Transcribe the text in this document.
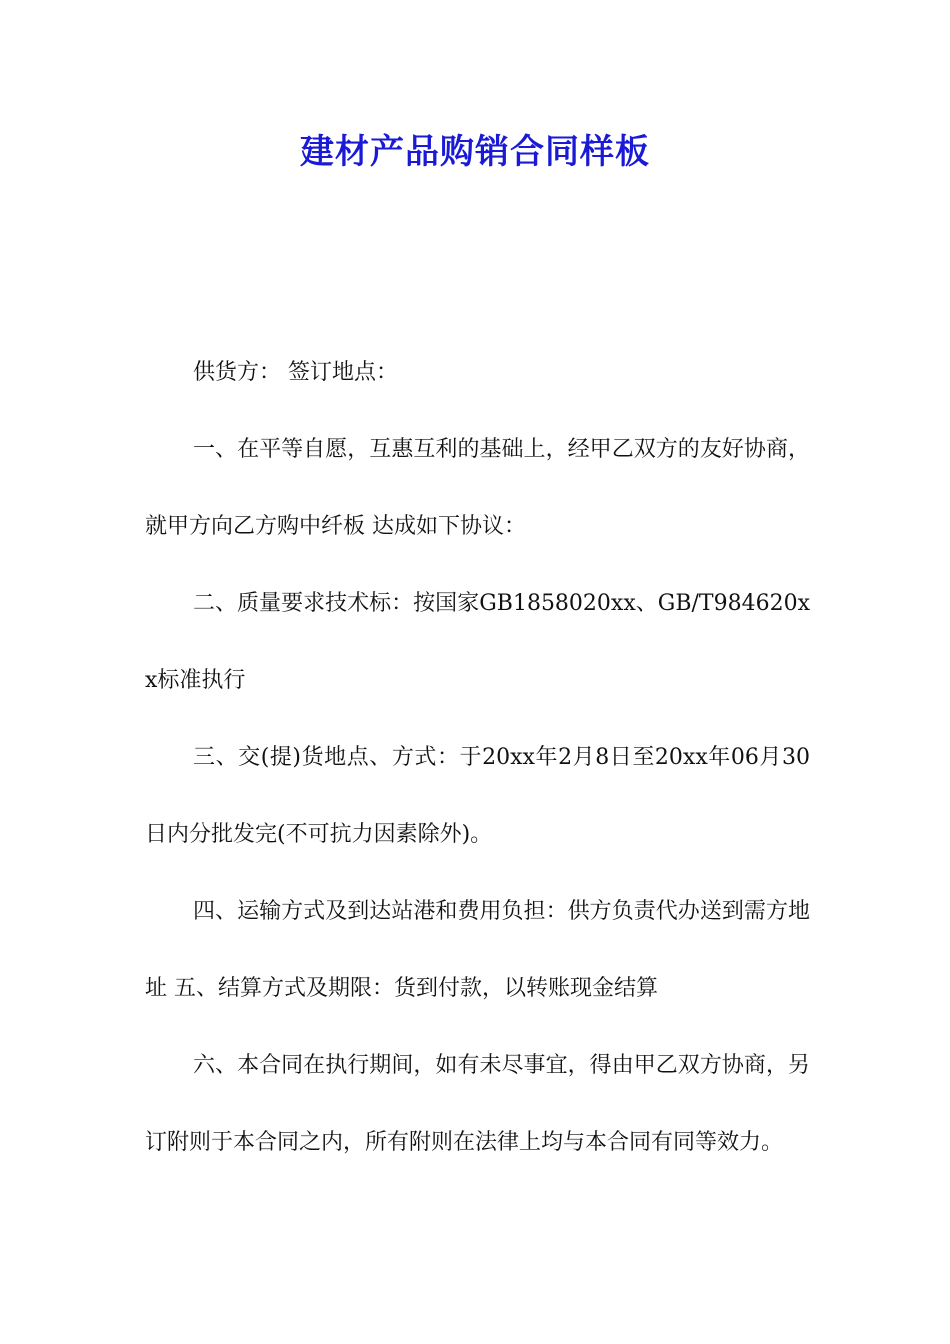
建材产品购销合同样板

供货方： 签订地点：

一、在平等自愿，互惠互利的基础上，经甲乙双方的友好协商，就甲方向乙方购中纤板 达成如下协议：

二、质量要求技术标：按国家GB1858020xx、GB/T984620xx标准执行

三、交(提)货地点、方式：于20xx年2月8日至20xx年06月30日内分批发完(不可抗力因素除外)。

四、运输方式及到达站港和费用负担：供方负责代办送到需方地址 五、结算方式及期限：货到付款，以转账现金结算

六、本合同在执行期间，如有未尽事宜，得由甲乙双方协商，另订附则于本合同之内，所有附则在法律上均与本合同有同等效力。
